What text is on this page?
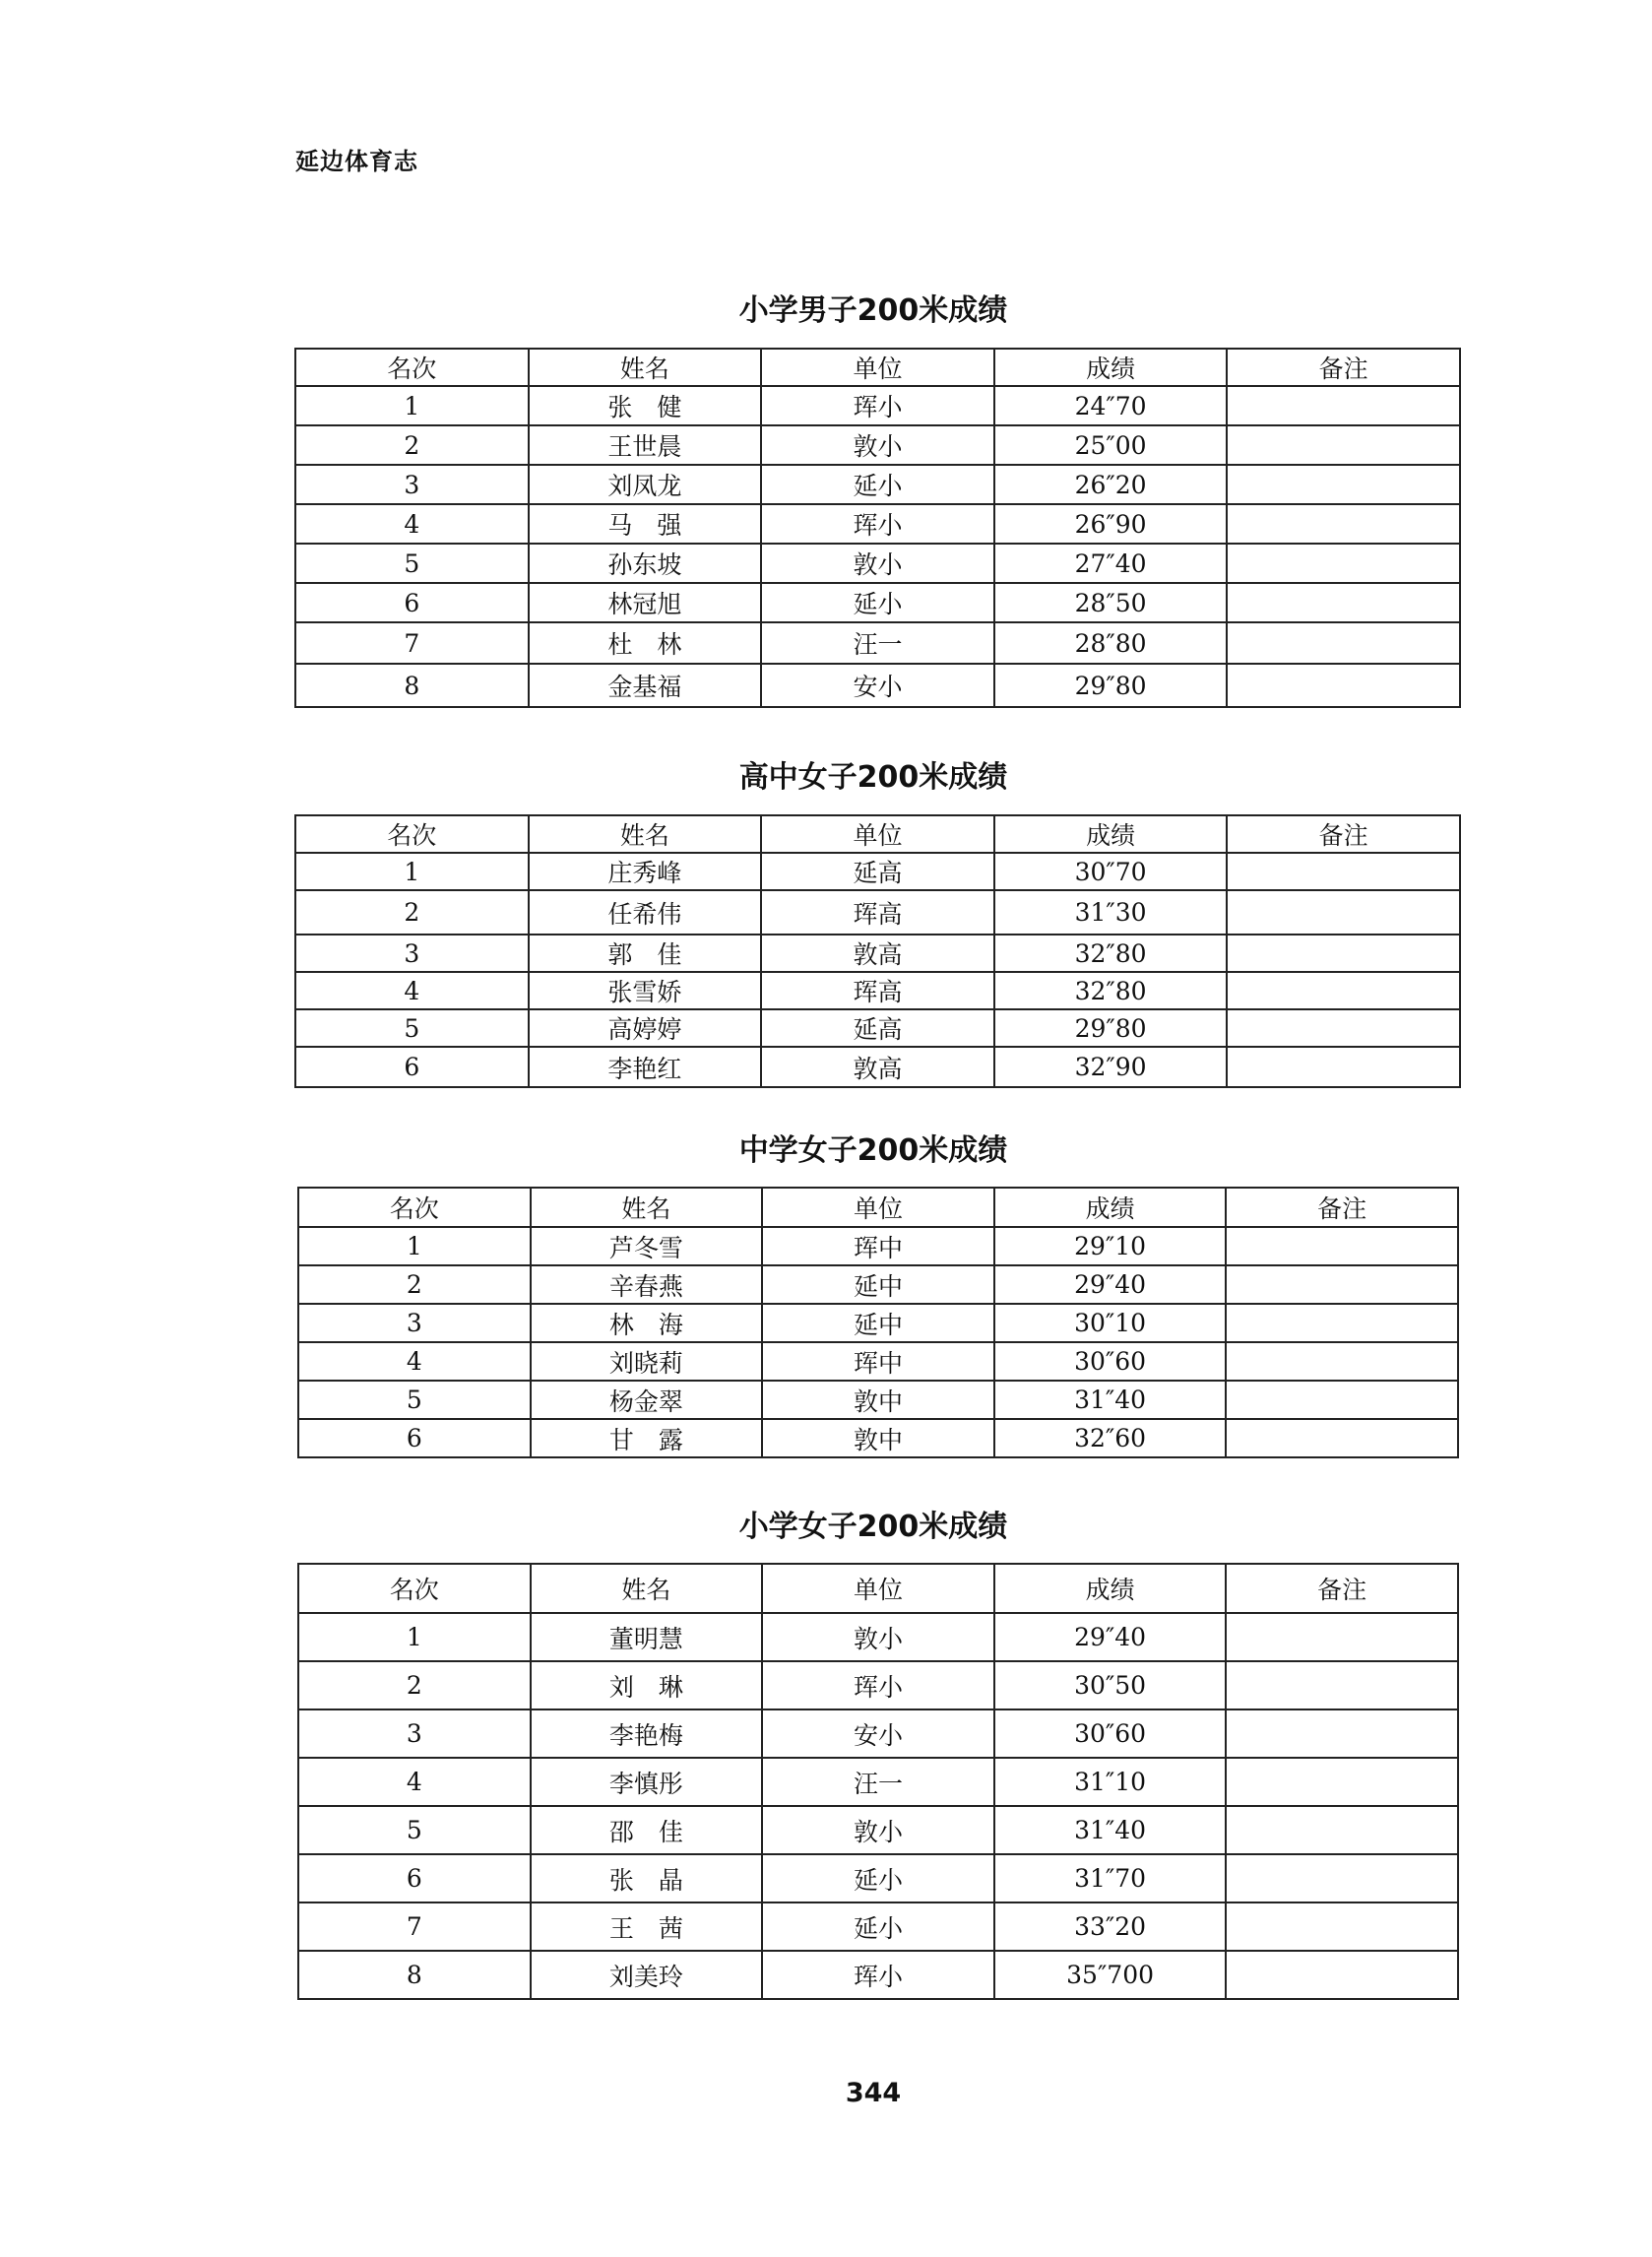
延边体育志
小学男子200米成绩
名次	姓名	单位	成绩	备注
1	张　健	珲小	24″70	
2	王世晨	敦小	25″00	
3	刘凤龙	延小	26″20	
4	马　强	珲小	26″90	
5	孙东坡	敦小	27″40	
6	林冠旭	延小	28″50	
7	杜　林	汪一	28″80	
8	金基福	安小	29″80	
高中女子200米成绩
名次	姓名	单位	成绩	备注
1	庄秀峰	延高	30″70	
2	任希伟	珲高	31″30	
3	郭　佳	敦高	32″80	
4	张雪娇	珲高	32″80	
5	高婷婷	延高	29″80	
6	李艳红	敦高	32″90	
中学女子200米成绩
名次	姓名	单位	成绩	备注
1	芦冬雪	珲中	29″10	
2	辛春燕	延中	29″40	
3	林　海	延中	30″10	
4	刘晓莉	珲中	30″60	
5	杨金翠	敦中	31″40	
6	甘　露	敦中	32″60	
小学女子200米成绩
名次	姓名	单位	成绩	备注
1	董明慧	敦小	29″40	
2	刘　琳	珲小	30″50	
3	李艳梅	安小	30″60	
4	李慎彤	汪一	31″10	
5	邵　佳	敦小	31″40	
6	张　晶	延小	31″70	
7	王　茜	延小	33″20	
8	刘美玲	珲小	35″700	
344
